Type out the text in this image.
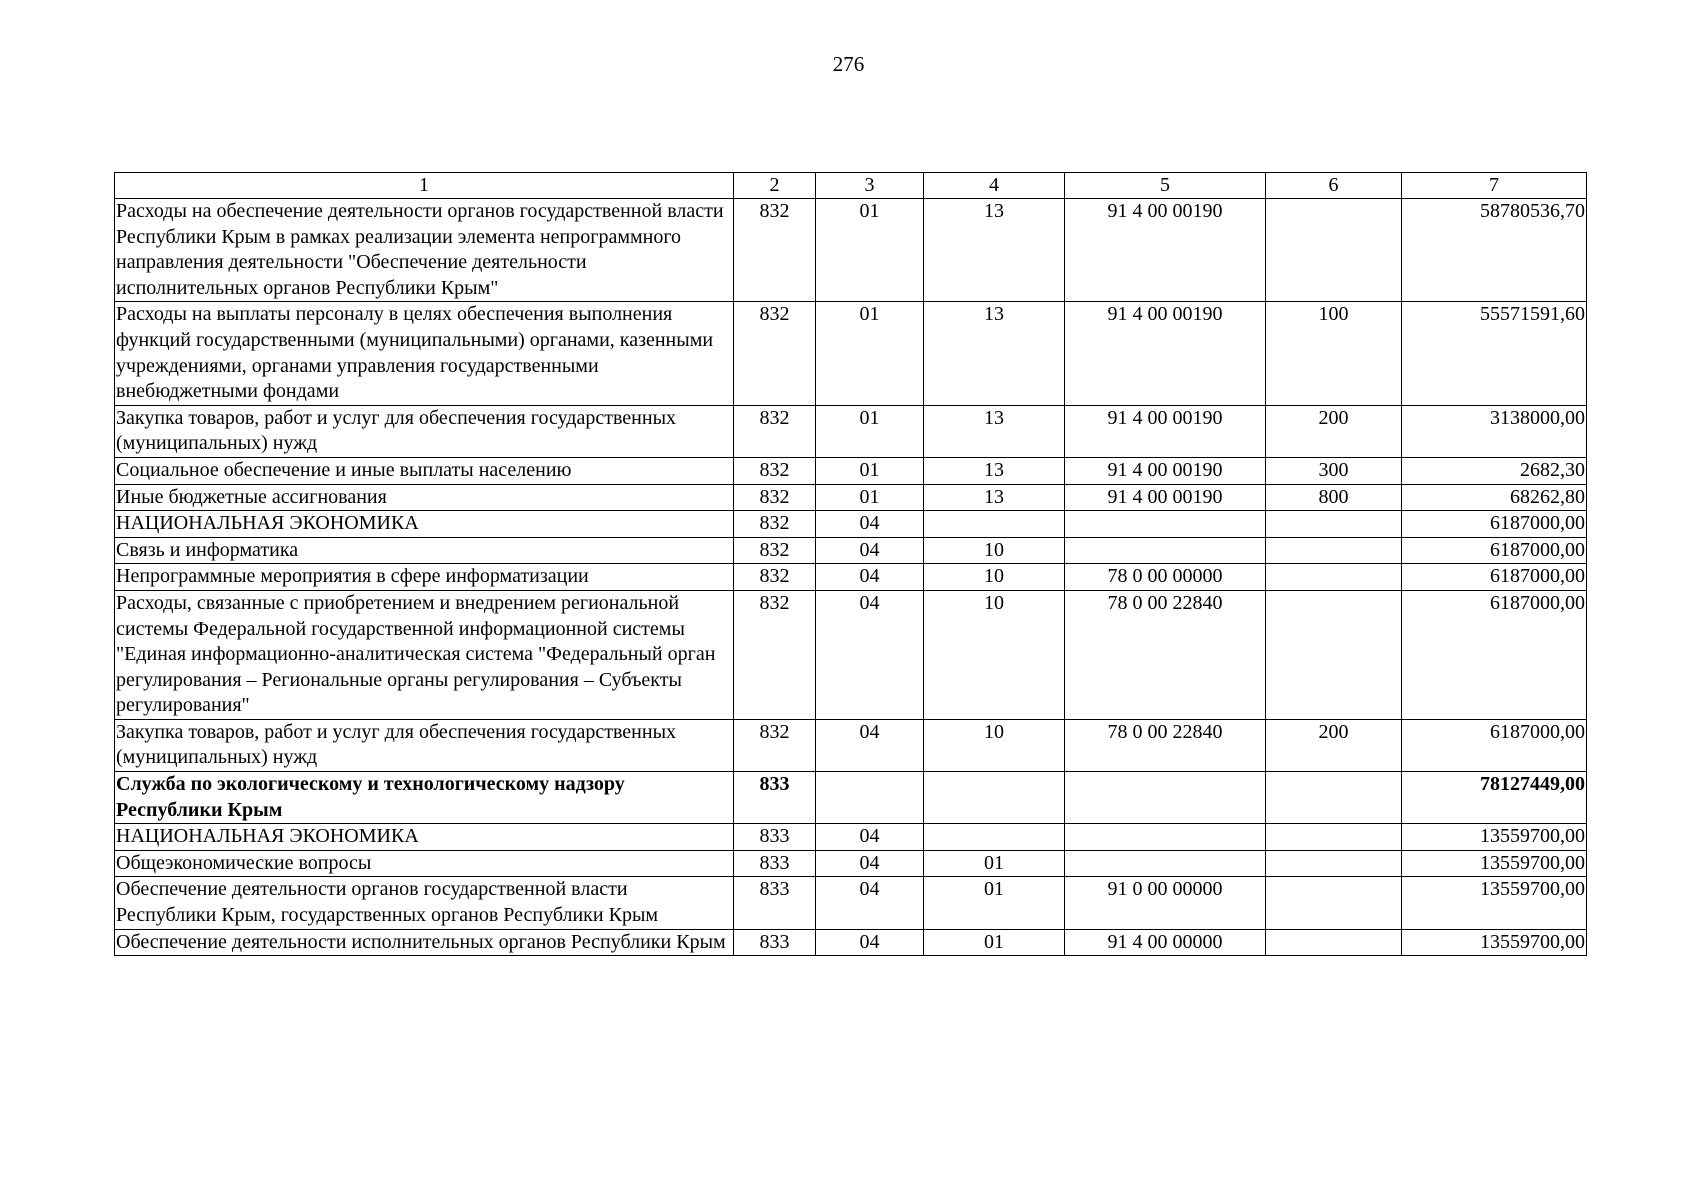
276
1	2	3	4	5	6	7
Расходы на обеспечение деятельности органов государственной власти Республики Крым в рамках реализации элемента непрограммного направления деятельности "Обеспечение деятельности исполнительных органов Республики Крым"	832	01	13	91 4 00 00190		58780536,70
Расходы на выплаты персоналу в целях обеспечения выполнения функций государственными (муниципальными) органами, казенными учреждениями, органами управления государственными внебюджетными фондами	832	01	13	91 4 00 00190	100	55571591,60
Закупка товаров, работ и услуг для обеспечения государственных (муниципальных) нужд	832	01	13	91 4 00 00190	200	3138000,00
Социальное обеспечение и иные выплаты населению	832	01	13	91 4 00 00190	300	2682,30
Иные бюджетные ассигнования	832	01	13	91 4 00 00190	800	68262,80
НАЦИОНАЛЬНАЯ ЭКОНОМИКА	832	04				6187000,00
Связь и информатика	832	04	10			6187000,00
Непрограммные мероприятия в сфере информатизации	832	04	10	78 0 00 00000		6187000,00
Расходы, связанные с приобретением и внедрением региональной системы Федеральной государственной информационной системы "Единая информационно-аналитическая система "Федеральный орган регулирования – Региональные органы регулирования – Субъекты регулирования"	832	04	10	78 0 00 22840		6187000,00
Закупка товаров, работ и услуг для обеспечения государственных (муниципальных) нужд	832	04	10	78 0 00 22840	200	6187000,00
Служба по экологическому и технологическому надзору Республики Крым	833					78127449,00
НАЦИОНАЛЬНАЯ ЭКОНОМИКА	833	04				13559700,00
Общеэкономические вопросы	833	04	01			13559700,00
Обеспечение деятельности органов государственной власти Республики Крым, государственных органов Республики Крым	833	04	01	91 0 00 00000		13559700,00
Обеспечение деятельности исполнительных органов Республики Крым	833	04	01	91 4 00 00000		13559700,00
